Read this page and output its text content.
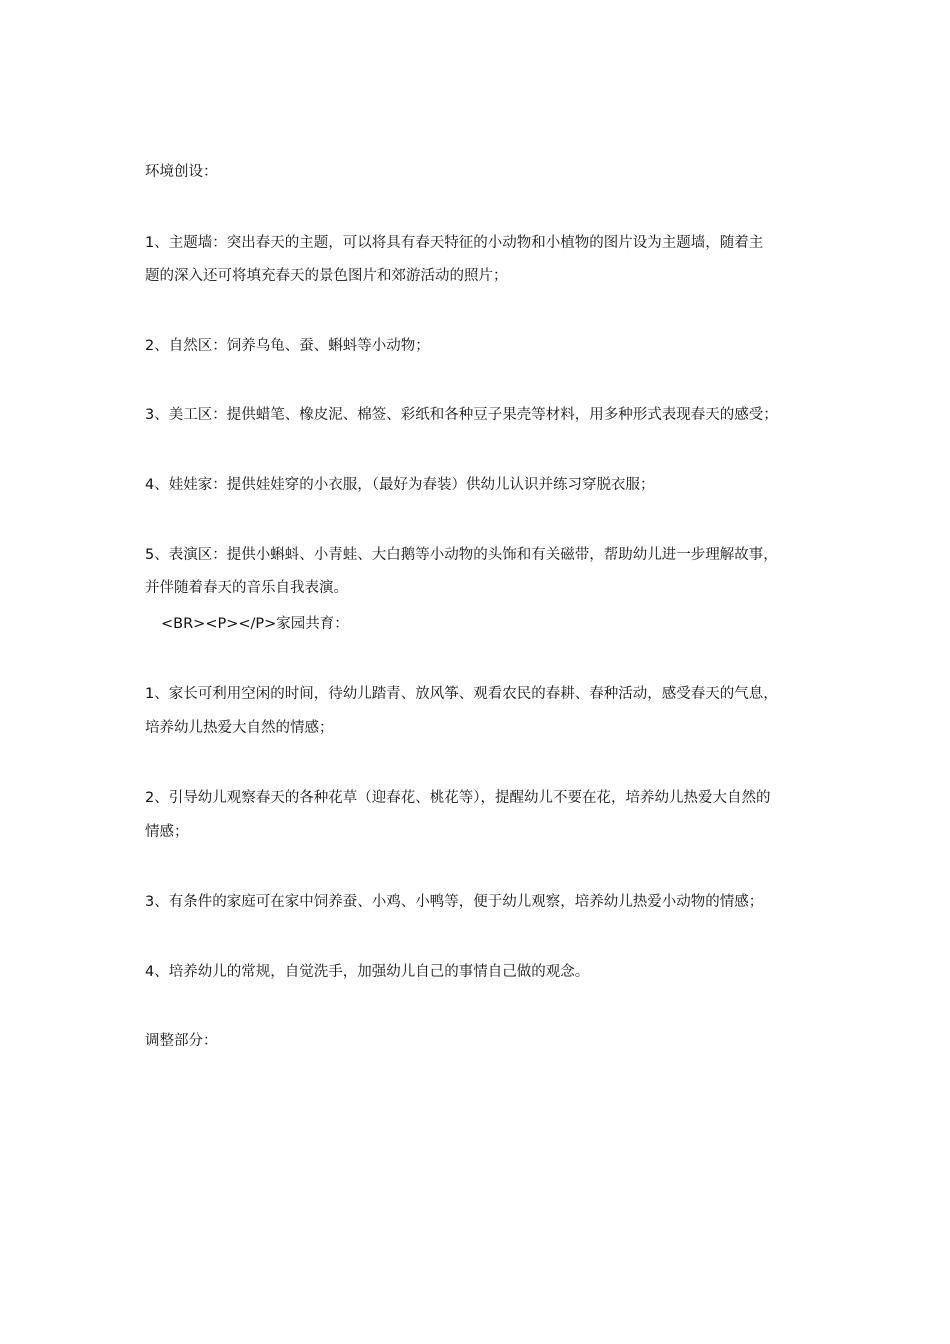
环境创设：
1、主题墙：突出春天的主题，可以将具有春天特征的小动物和小植物的图片设为主题墙，随着主
题的深入还可将填充春天的景色图片和郊游活动的照片；
2、自然区：饲养乌龟、蚕、蝌蚪等小动物；
3、美工区：提供蜡笔、橡皮泥、棉签、彩纸和各种豆子果壳等材料，用多种形式表现春天的感受；
4、娃娃家：提供娃娃穿的小衣服，（最好为春装）供幼儿认识并练习穿脱衣服；
5、表演区：提供小蝌蚪、小青蛙、大白鹅等小动物的头饰和有关磁带，帮助幼儿进一步理解故事，
并伴随着春天的音乐自我表演。
<BR><P></P>家园共育：
1、家长可利用空闲的时间，待幼儿踏青、放风筝、观看农民的春耕、春种活动，感受春天的气息，
培养幼儿热爱大自然的情感；
2、引导幼儿观察春天的各种花草（迎春花、桃花等），提醒幼儿不要在花，培养幼儿热爱大自然的
情感；
3、有条件的家庭可在家中饲养蚕、小鸡、小鸭等，便于幼儿观察，培养幼儿热爱小动物的情感；
4、培养幼儿的常规，自觉洗手，加强幼儿自己的事情自己做的观念。
调整部分：
